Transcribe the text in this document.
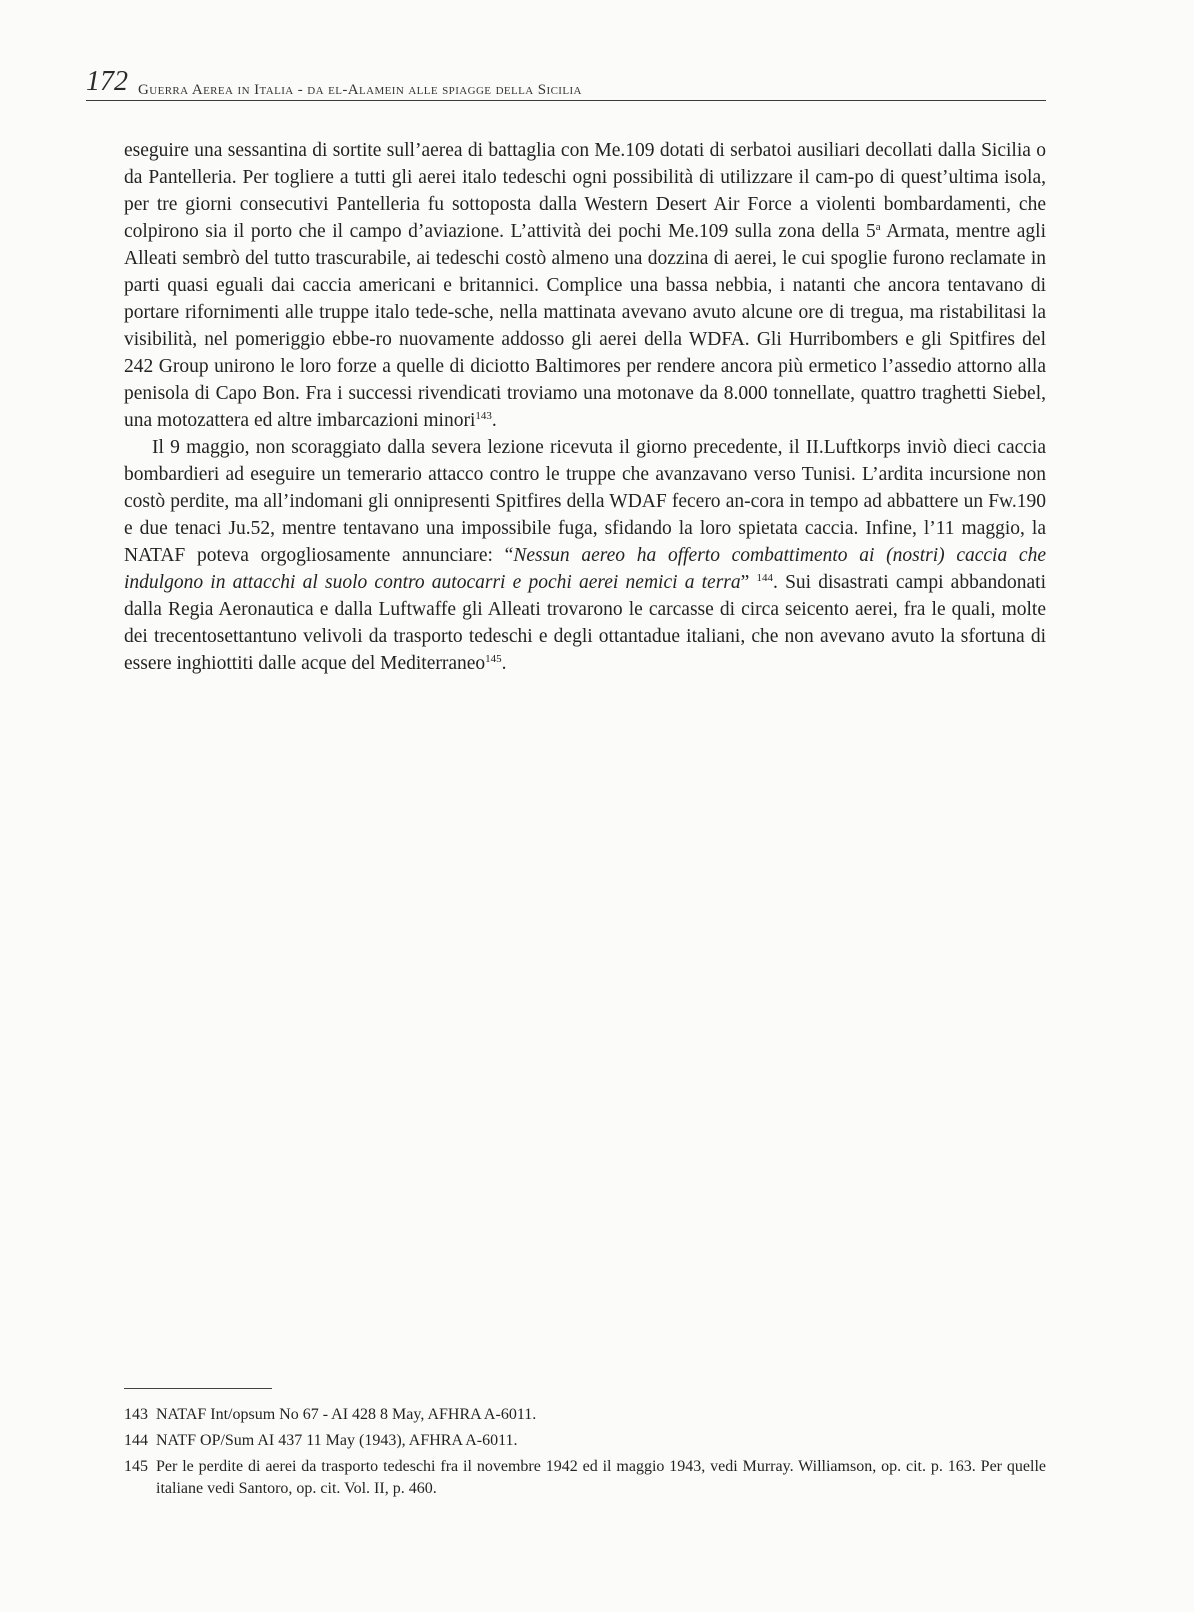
172 Guerra Aerea in Italia - da el-Alamein alle spiagge della Sicilia

eseguire una sessantina di sortite sull’aerea di battaglia con Me.109 dotati di serbatoi ausiliari decollati dalla Sicilia o da Pantelleria. Per togliere a tutti gli aerei italo tedeschi ogni possibilità di utilizzare il cam-po di quest’ultima isola, per tre giorni consecutivi Pantelleria fu sottoposta dalla Western Desert Air Force a violenti bombardamenti, che colpirono sia il porto che il campo d’aviazione. L’attività dei pochi Me.109 sulla zona della 5$^a$ Armata, mentre agli Alleati sembrò del tutto trascurabile, ai tedeschi costò almeno una dozzina di aerei, le cui spoglie furono reclamate in parti quasi eguali dai caccia americani e britannici. Complice una bassa nebbia, i natanti che ancora tentavano di portare rifornimenti alle truppe italo tede-sche, nella mattinata avevano avuto alcune ore di tregua, ma ristabilitasi la visibilità, nel pomeriggio ebbe-ro nuovamente addosso gli aerei della WDFA. Gli Hurribombers e gli Spitfires del 242 Group unirono le loro forze a quelle di diciotto Baltimores per rendere ancora più ermetico l’assedio attorno alla penisola di Capo Bon. Fra i successi rivendicati troviamo una motonave da 8.000 tonnellate, quattro traghetti Siebel, una motozattera ed altre imbarcazioni minori$^{143}$.

Il 9 maggio, non scoraggiato dalla severa lezione ricevuta il giorno precedente, il II.Luftkorps inviò dieci caccia bombardieri ad eseguire un temerario attacco contro le truppe che avanzavano verso Tunisi. L’ardita incursione non costò perdite, ma all’indomani gli onnipresenti Spitfires della WDAF fecero an-cora in tempo ad abbattere un Fw.190 e due tenaci Ju.52, mentre tentavano una impossibile fuga, sfidando la loro spietata caccia. Infine, l’11 maggio, la NATAF poteva orgogliosamente annunciare: “Nessun aereo ha offerto combattimento ai (nostri) caccia che indulgono in attacchi al suolo contro autocarri e pochi aerei nemici a terra” $^{144}$. Sui disastrati campi abbandonati dalla Regia Aeronautica e dalla Luftwaffe gli Alleati trovarono le carcasse di circa seicento aerei, fra le quali, molte dei trecentosettantuno velivoli da trasporto tedeschi e degli ottantadue italiani, che non avevano avuto la sfortuna di essere inghiottiti dalle acque del Mediterraneo$^{145}$.

143 NATAF Int/opsum No 67 - AI 428 8 May, AFHRA A-6011.
144 NATF OP/Sum AI 437 11 May (1943), AFHRA A-6011.
145 Per le perdite di aerei da trasporto tedeschi fra il novembre 1942 ed il maggio 1943, vedi Murray. Williamson, op. cit. p. 163. Per quelle italiane vedi Santoro, op. cit. Vol. II, p. 460.
